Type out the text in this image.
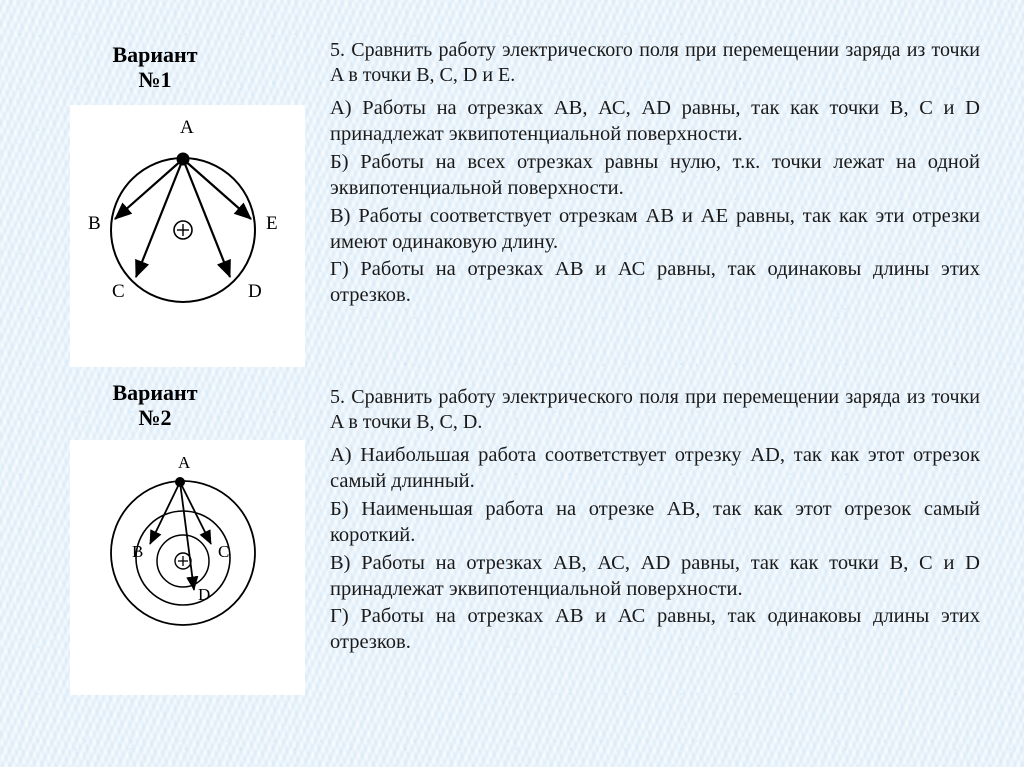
Вариант
№1
A
B
C	D
E

5. Сравнить работу электрического поля при перемещении заряда из точки A в точки B, C, D и E.

А) Работы на отрезках АВ, АС, AD равны, так как точки B, C и D принадлежат эквипотенциальной поверхности.

Б) Работы на всех отрезках равны нулю, т.к. точки лежат на одной эквипотенциальной поверхности.

В) Работы соответствует отрезкам АВ и АЕ равны, так как эти отрезки имеют одинаковую длину.

Г) Работы на отрезках АВ и АС равны, так одинаковы длины этих отрезков.

Вариант
№2
A
B	C
D

5. Сравнить работу электрического поля при перемещении заряда из точки A в точки B, C, D.

А) Наибольшая работа соответствует отрезку AD, так как этот отрезок самый длинный.

Б) Наименьшая работа на отрезке AB, так как этот отрезок самый короткий.

В) Работы на отрезках АВ, АС, AD равны, так как точки B, C и D принадлежат эквипотенциальной поверхности.

Г) Работы на отрезках АВ и АС равны, так одинаковы длины этих отрезков.
